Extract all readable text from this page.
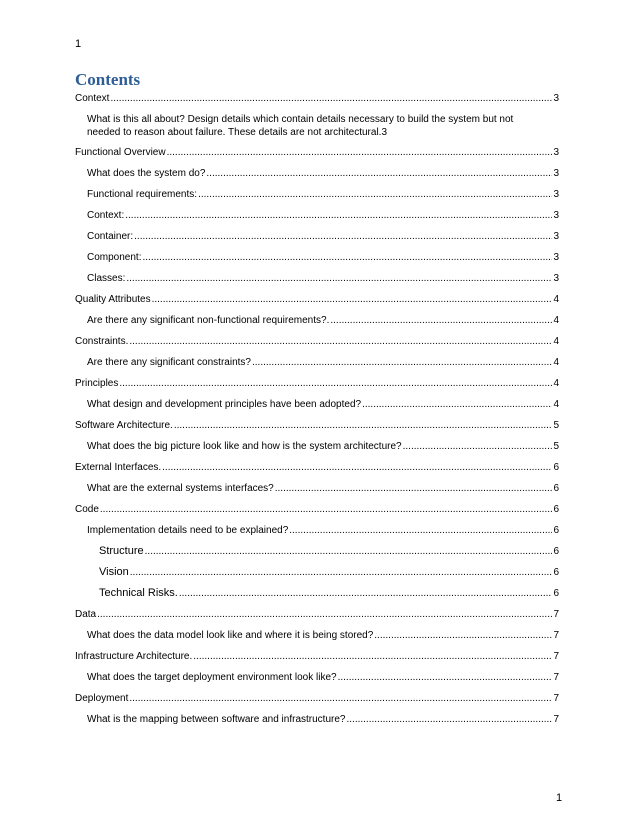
1
Contents
Context .....	3
What is this all about? Design details which contain details necessary to build the system but not
needed to reason about failure. These details are not architectural. 3
Functional Overview .....	3
What does the system do? .....	3
Functional requirements: .....	3
Context: .....	3
Container: .....	3
Component: .....	3
Classes: .....	3
Quality Attributes .....	4
Are there any significant non-functional requirements?. .....	4
Constraints. .....	4
Are there any significant constraints? .....	4
Principles .....	4
What design and development principles have been adopted? .....	4
Software Architecture. .....	5
What does the big picture look like and how is the system architecture? .....	5
External Interfaces. .....	6
What are the external systems interfaces? .....	6
Code .....	6
Implementation details need to be explained? .....	6
Structure .....	6
Vision .....	6
Technical Risks. .....	6
Data .....	7
What does the data model look like and where it is being stored? .....	7
Infrastructure Architecture. .....	7
What does the target deployment environment look like? .....	7
Deployment .....	7
What is the mapping between software and infrastructure? .....	7
1
